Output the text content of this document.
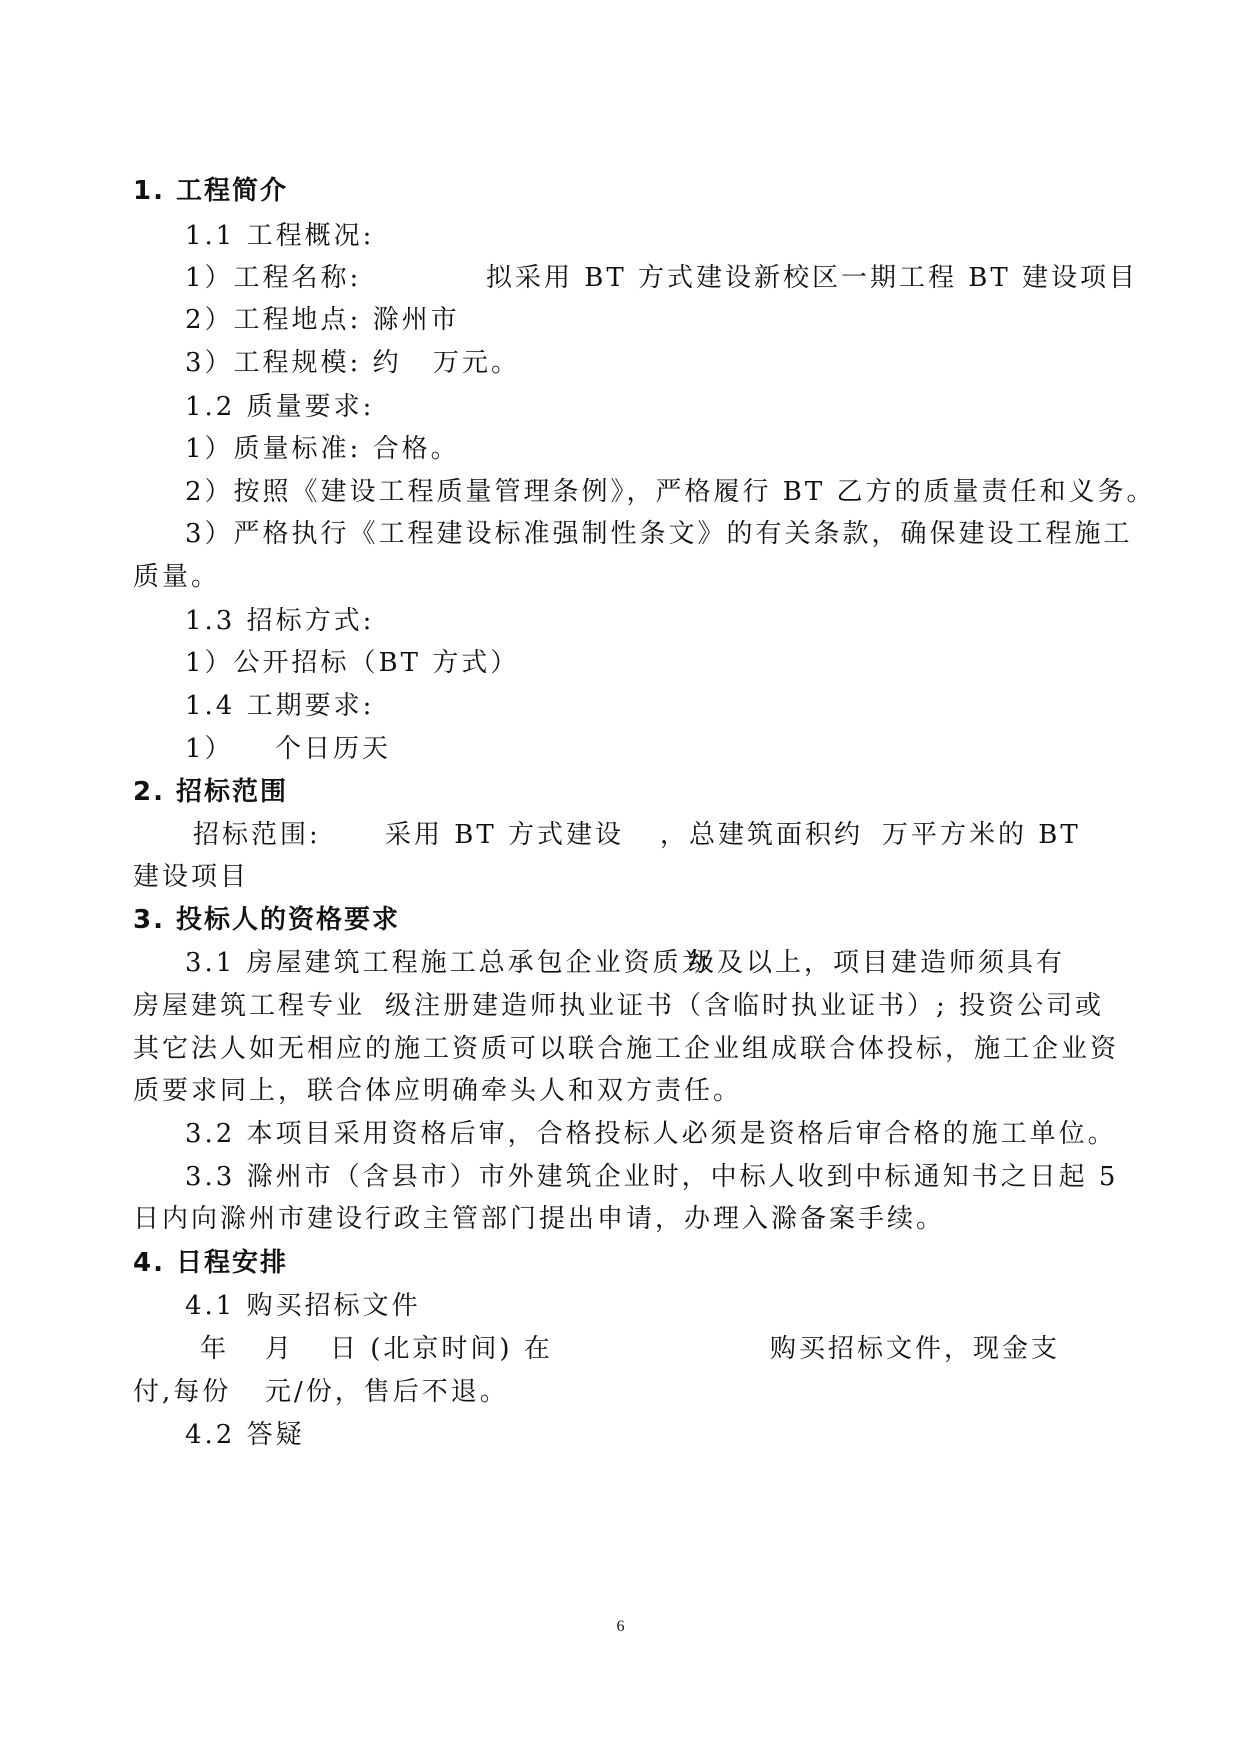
1. 工程简介
1.1 工程概况:
1）工程名称:	拟采用 BT 方式建设新校区一期工程 BT 建设项目
2）工程地点: 滁州市
3）工程规模: 约 万元。
1.2 质量要求:
1）质量标准: 合格。
2）按照《建设工程质量管理条例》，严格履行 BT 乙方的质量责任和义务。
3）严格执行《工程建设标准强制性条文》的有关条款，确保建设工程施工
质量。
1.3 招标方式:
1）公开招标（BT 方式）
1.4 工期要求:
1） 个日历天
2. 招标范围
招标范围: 采用 BT 方式建设 ，总建筑面积约 万平方米的 BT
建设项目
3. 投标人的资格要求
3.1 房屋建筑工程施工总承包企业资质为
级及以上，项目建造师须具有
房屋建筑工程专业 级注册建造师执业证书（含临时执业证书）; 投资公司或
其它法人如无相应的施工资质可以联合施工企业组成联合体投标，施工企业资
质要求同上，联合体应明确牵头人和双方责任。
3.2 本项目采用资格后审，合格投标人必须是资格后审合格的施工单位。
3.3 滁州市（含县市）市外建筑企业时，中标人收到中标通知书之日起 5
日内向滁州市建设行政主管部门提出申请，办理入滁备案手续。
4. 日程安排
4.1 购买招标文件
年 月 日 (北京时间) 在	购买招标文件，现金支
付,每份 元/份，售后不退。
4.2 答疑
6
